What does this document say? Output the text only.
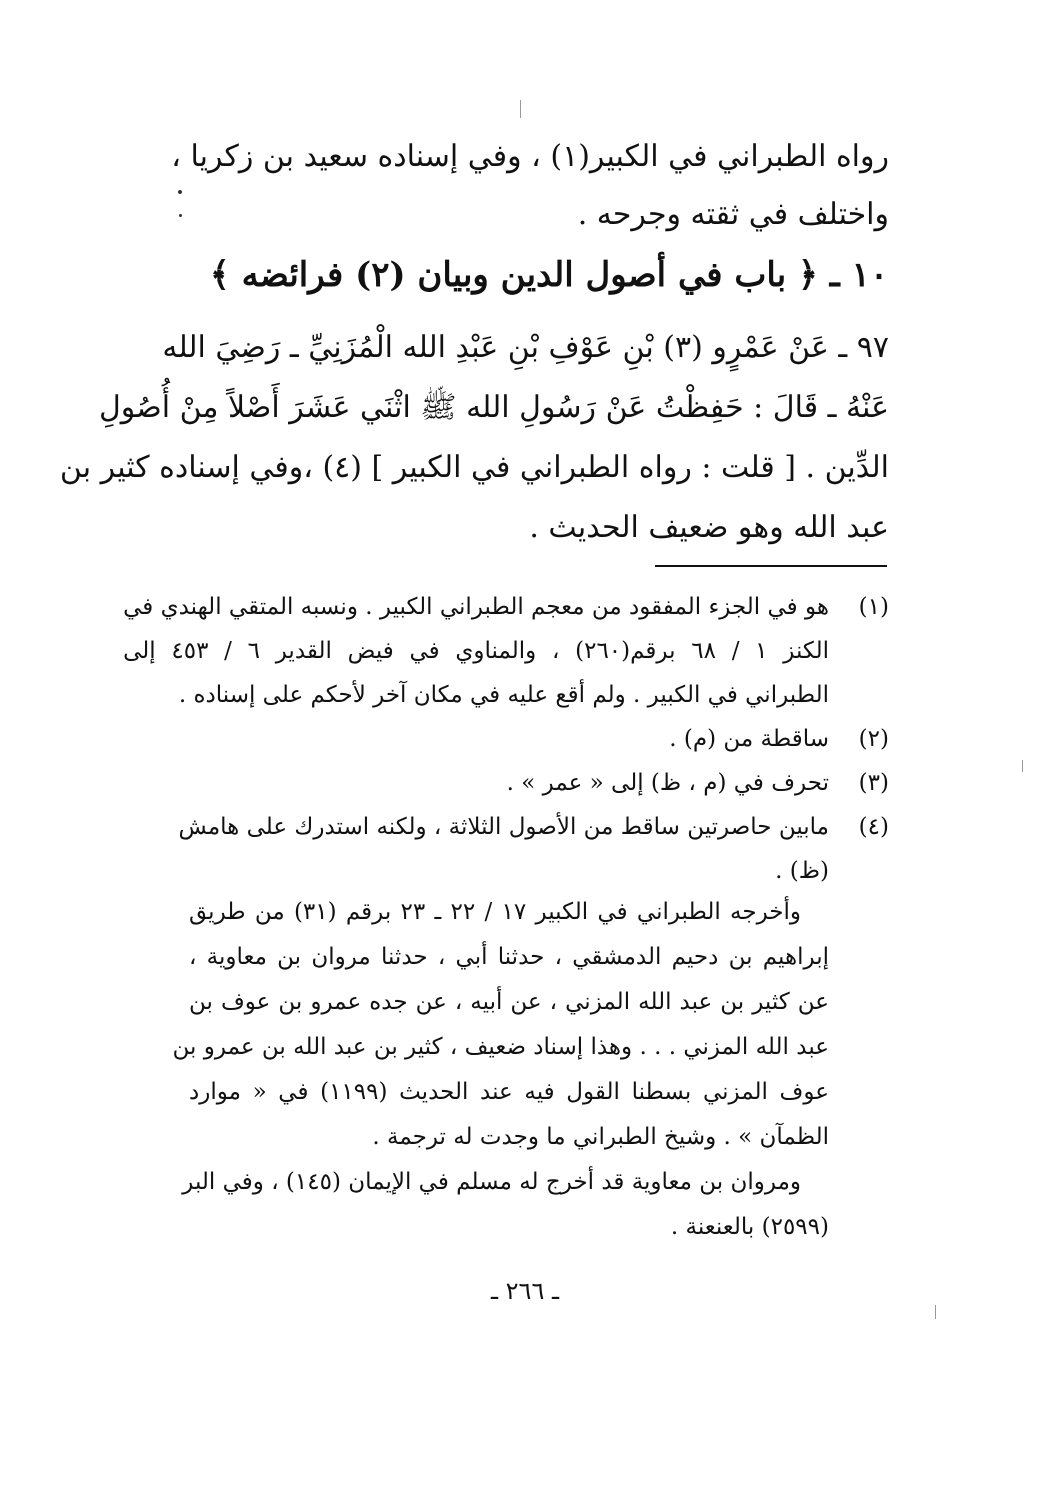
رواه الطبراني في الكبير(١) ، وفي إسناده سعيد بن زكريا ،
واختلف في ثقته وجرحه .
١٠ ـ ﴿ باب في أصول الدين وبيان (٢) فرائضه ﴾
٩٧ ـ عَنْ عَمْرٍو (٣) بْنِ عَوْفِ بْنِ عَبْدِ الله الْمُزَنِيِّ ـ رَضِيَ الله
عَنْهُ ـ قَالَ : حَفِظْتُ عَنْ رَسُولِ الله ﷺ اثْنَي عَشَرَ أَصْلاً مِنْ أُصُولِ
الدِّين . [ قلت : رواه الطبراني في الكبير ] (٤) ،وفي إسناده كثير بن
عبد الله وهو ضعيف الحديث .
(١)
هو في الجزء المفقود من معجم الطبراني الكبير . ونسبه المتقي الهندي في
الكنز ١ / ٦٨ برقم(٢٦٠) ، والمناوي في فيض القدير ٦ / ٤٥٣ إلى
الطبراني في الكبير . ولم أقع عليه في مكان آخر لأحكم على إسناده .
(٢)
ساقطة من (م) .
(٣)
تحرف في (م ، ظ) إلى « عمر » .
(٤)
مابين حاصرتين ساقط من الأصول الثلاثة ، ولكنه استدرك على هامش
(ظ) .
وأخرجه الطبراني في الكبير ١٧ / ٢٢ ـ ٢٣ برقم (٣١) من طريق
إبراهيم بن دحيم الدمشقي ، حدثنا أبي ، حدثنا مروان بن معاوية ،
عن كثير بن عبد الله المزني ، عن أبيه ، عن جده عمرو بن عوف بن
عبد الله المزني . . . وهذا إسناد ضعيف ، كثير بن عبد الله بن عمرو بن
عوف المزني بسطنا القول فيه عند الحديث (١١٩٩) في « موارد
الظمآن » . وشيخ الطبراني ما وجدت له ترجمة .
ومروان بن معاوية قد أخرج له مسلم في الإيمان (١٤٥) ، وفي البر
(٢٥٩٩) بالعنعنة .
ـ ٢٦٦ ـ
